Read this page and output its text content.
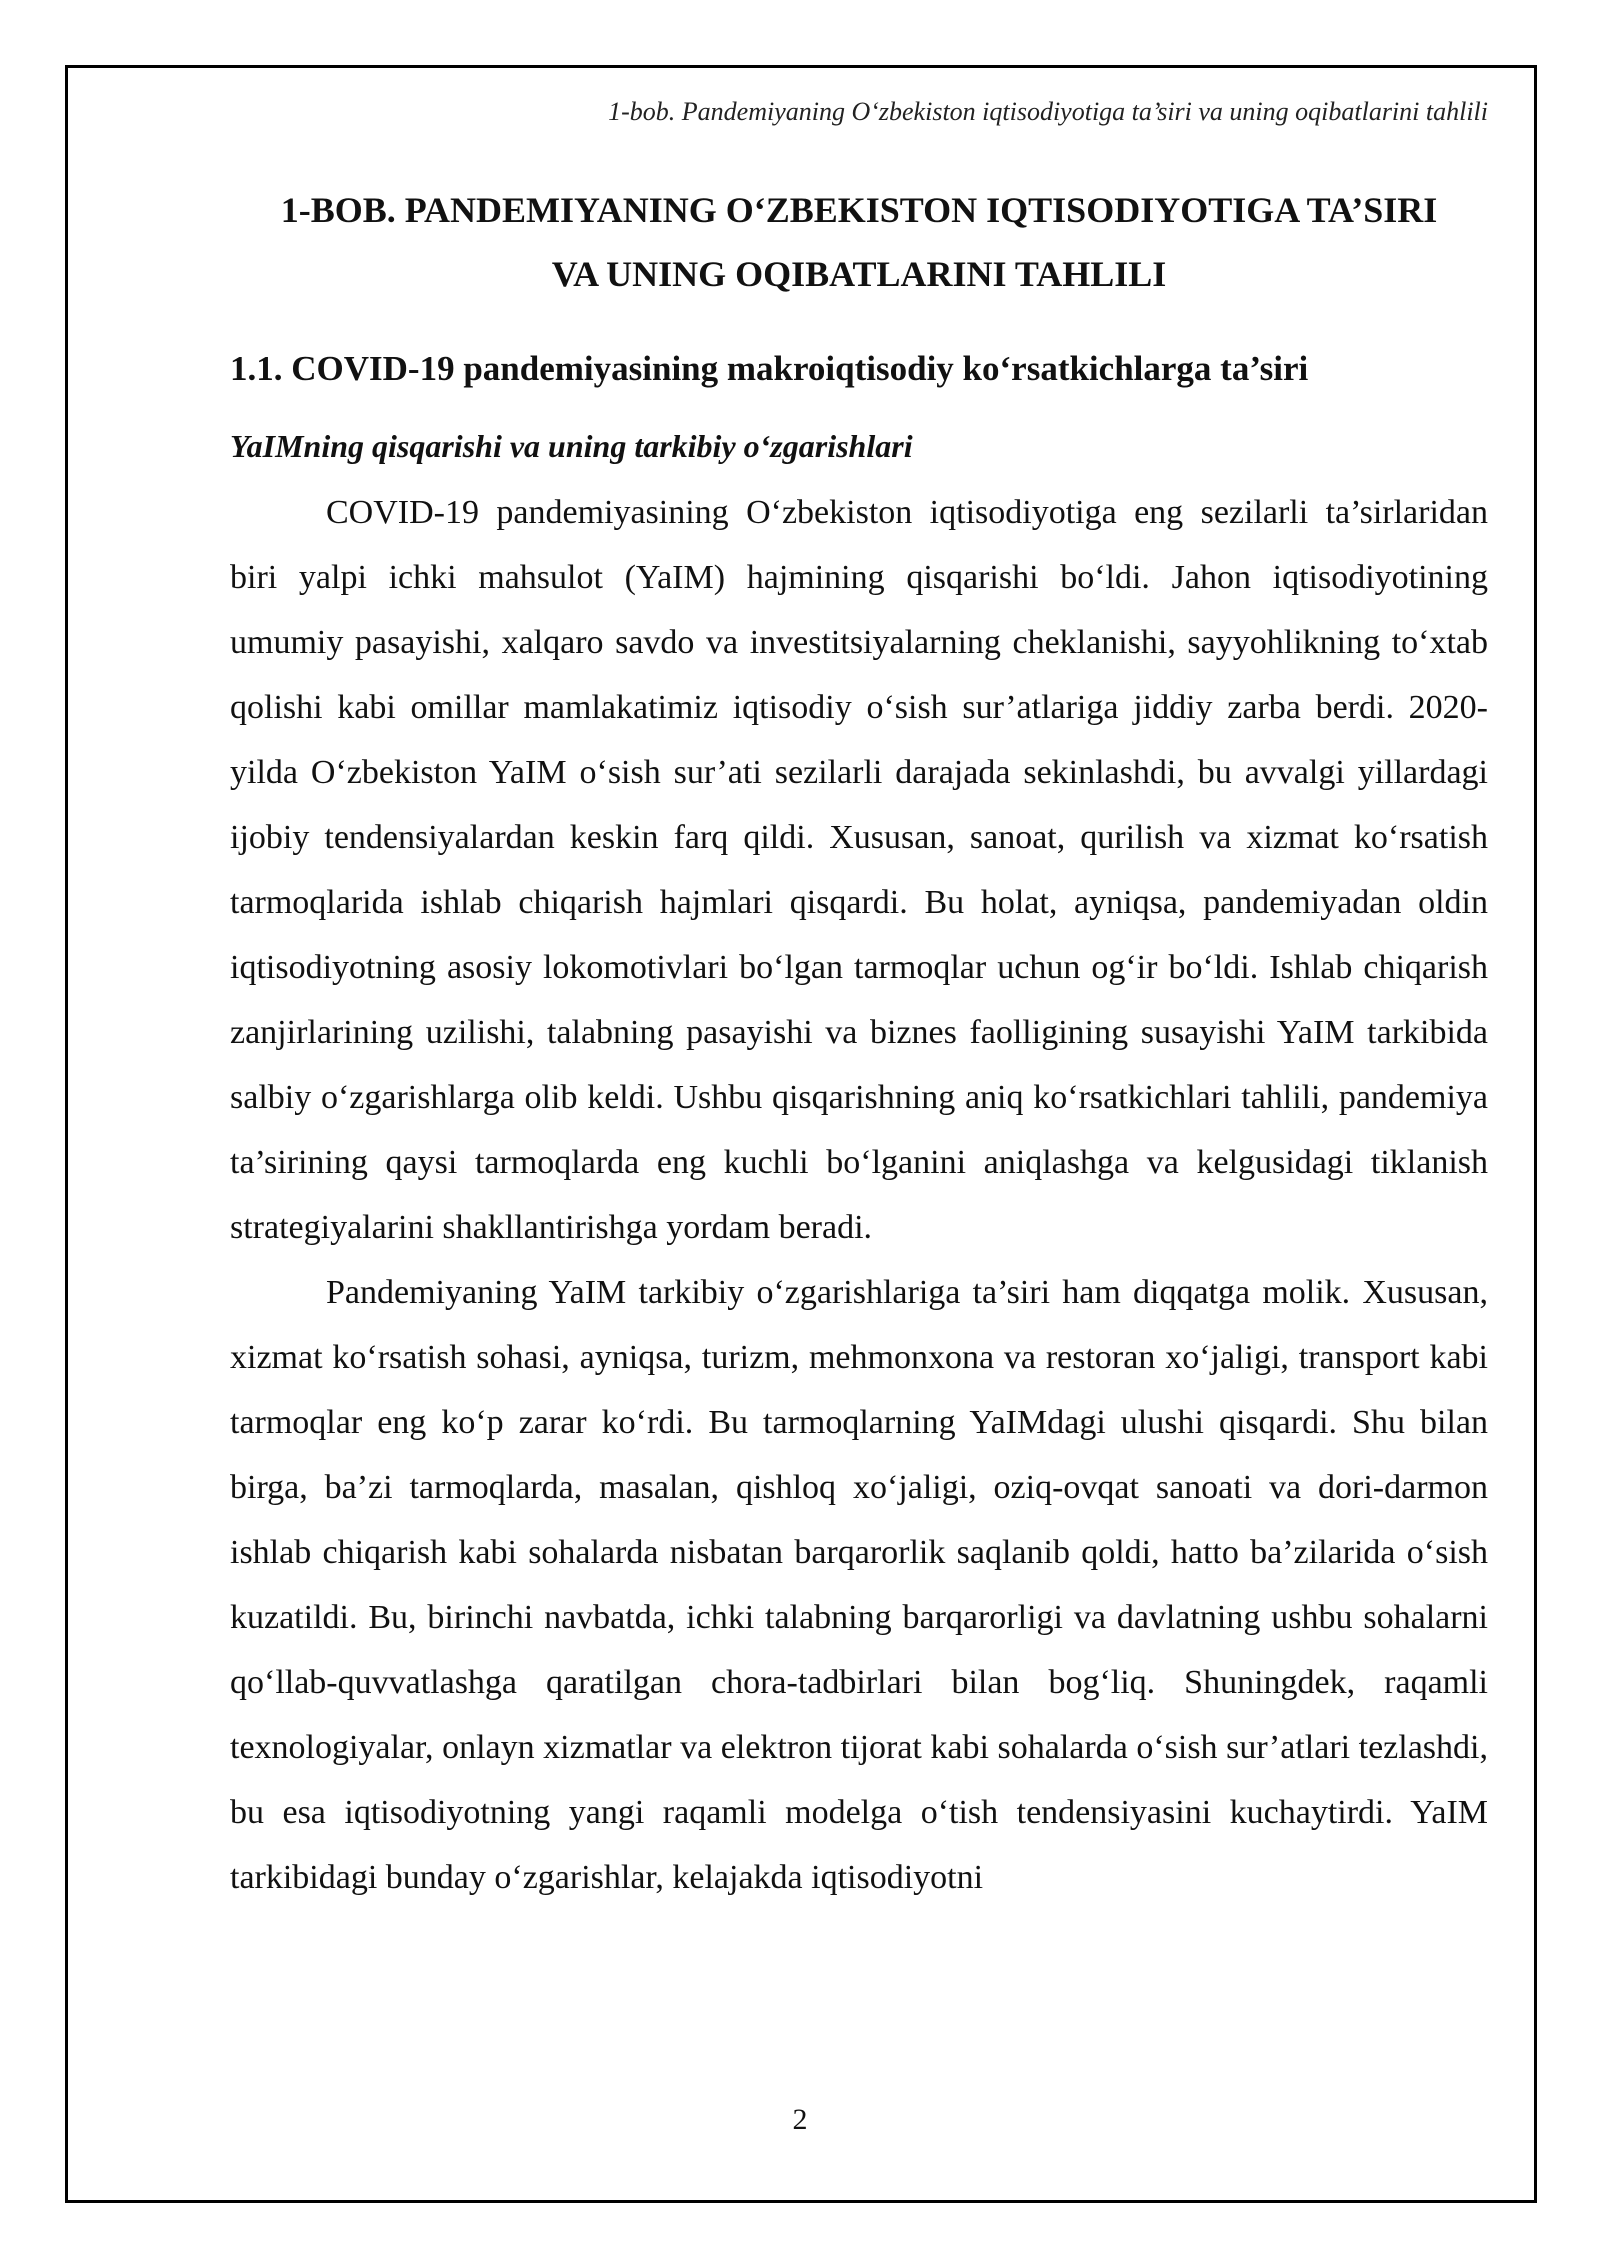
1-bob. Pandemiyaning O‘zbekiston iqtisodiyotiga ta’siri va uning oqibatlarini tahlili

1-BOB. PANDEMIYANING O‘ZBEKISTON IQTISODIYOTIGA TA’SIRI
VA UNING OQIBATLARINI TAHLILI
1.1. COVID-19 pandemiyasining makroiqtisodiy ko‘rsatkichlarga ta’siri
YaIMning qisqarishi va uning tarkibiy o‘zgarishlari

COVID-19 pandemiyasining O‘zbekiston iqtisodiyotiga eng sezilarli ta’sirlaridan biri yalpi ichki mahsulot (YaIM) hajmining qisqarishi bo‘ldi. Jahon iqtisodiyotining umumiy pasayishi, xalqaro savdo va investitsiyalarning cheklanishi, sayyohlikning to‘xtab qolishi kabi omillar mamlakatimiz iqtisodiy o‘sish sur’atlariga jiddiy zarba berdi. 2020-yilda O‘zbekiston YaIM o‘sish sur’ati sezilarli darajada sekinlashdi, bu avvalgi yillardagi ijobiy tendensiyalardan keskin farq qildi. Xususan, sanoat, qurilish va xizmat ko‘rsatish tarmoqlarida ishlab chiqarish hajmlari qisqardi. Bu holat, ayniqsa, pandemiyadan oldin iqtisodiyotning asosiy lokomotivlari bo‘lgan tarmoqlar uchun og‘ir bo‘ldi. Ishlab chiqarish zanjirlarining uzilishi, talabning pasayishi va biznes faolligining susayishi YaIM tarkibida salbiy o‘zgarishlarga olib keldi. Ushbu qisqarishning aniq ko‘rsatkichlari tahlili, pandemiya ta’sirining qaysi tarmoqlarda eng kuchli bo‘lganini aniqlashga va kelgusidagi tiklanish strategiyalarini shakllantirishga yordam beradi.

Pandemiyaning YaIM tarkibiy o‘zgarishlariga ta’siri ham diqqatga molik. Xususan, xizmat ko‘rsatish sohasi, ayniqsa, turizm, mehmonxona va restoran xo‘jaligi, transport kabi tarmoqlar eng ko‘p zarar ko‘rdi. Bu tarmoqlarning YaIMdagi ulushi qisqardi. Shu bilan birga, ba’zi tarmoqlarda, masalan, qishloq xo‘jaligi, oziq-ovqat sanoati va dori-darmon ishlab chiqarish kabi sohalarda nisbatan barqarorlik saqlanib qoldi, hatto ba’zilarida o‘sish kuzatildi. Bu, birinchi navbatda, ichki talabning barqarorligi va davlatning ushbu sohalarni qo‘llab-quvvatlashga qaratilgan chora-tadbirlari bilan bog‘liq. Shuningdek, raqamli texnologiyalar, onlayn xizmatlar va elektron tijorat kabi sohalarda o‘sish sur’atlari tezlashdi, bu esa iqtisodiyotning yangi raqamli modelga o‘tish tendensiyasini kuchaytirdi. YaIM tarkibidagi bunday o‘zgarishlar, kelajakda iqtisodiyotni

2
